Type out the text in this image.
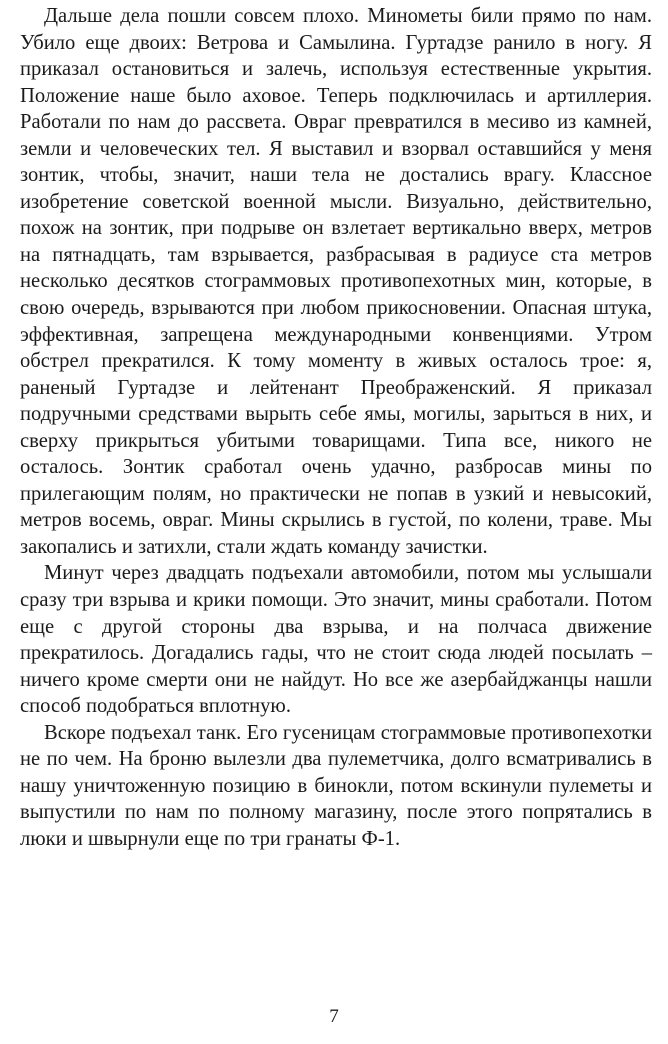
Дальше дела пошли совсем плохо. Минометы били прямо по нам. Убило еще двоих: Ветрова и Самылина. Гуртадзе ранило в ногу. Я приказал остановиться и залечь, используя естественные укрытия. Положение наше было аховое. Теперь подключилась и артиллерия. Работали по нам до рассвета. Овраг превратился в месиво из камней, земли и человеческих тел. Я выставил и взорвал оставшийся у меня зонтик, чтобы, значит, наши тела не достались врагу. Классное изобретение советской военной мысли. Визуально, действительно, похож на зонтик, при подрыве он взлетает вертикально вверх, метров на пятнадцать, там взрывается, разбрасывая в радиусе ста метров несколько десятков стограммовых противопехотных мин, которые, в свою очередь, взрываются при любом прикосновении. Опасная штука, эффективная, запрещена международными конвенциями. Утром обстрел прекратился. К тому моменту в живых осталось трое: я, раненый Гуртадзе и лейтенант Преображенский. Я приказал подручными средствами вырыть себе ямы, могилы, зарыться в них, и сверху прикрыться убитыми товарищами. Типа все, никого не осталось. Зонтик сработал очень удачно, разбросав мины по прилегающим полям, но практически не попав в узкий и невысокий, метров восемь, овраг. Мины скрылись в густой, по колени, траве. Мы закопались и затихли, стали ждать команду зачистки.

Минут через двадцать подъехали автомобили, потом мы услышали сразу три взрыва и крики помощи. Это значит, мины сработали. Потом еще с другой стороны два взрыва, и на полчаса движение прекратилось. Догадались гады, что не стоит сюда людей посылать – ничего кроме смерти они не найдут. Но все же азербайджанцы нашли способ подобраться вплотную.

Вскоре подъехал танк. Его гусеницам стограммовые противопехотки не по чем. На броню вылезли два пулеметчика, долго всматривались в нашу уничтоженную позицию в бинокли, потом вскинули пулеметы и выпустили по нам по полному магазину, после этого попрятались в люки и швырнули еще по три гранаты Ф-1.

7
